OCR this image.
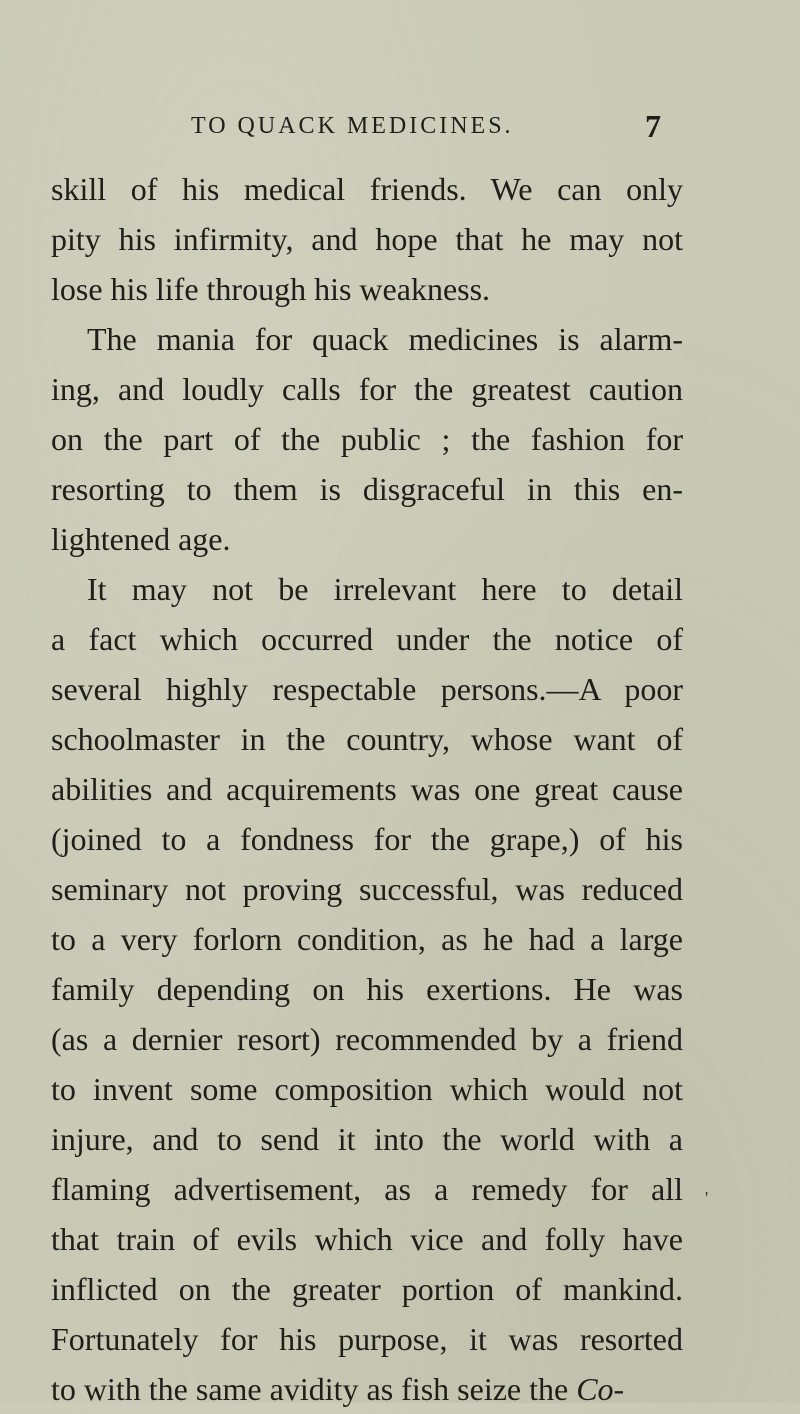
TO QUACK MEDICINES.	7
skill of his medical friends. We can only
pity his infirmity, and hope that he may not
lose his life through his weakness.
The mania for quack medicines is alarm-
ing, and loudly calls for the greatest caution
on the part of the public ; the fashion for
resorting to them is disgraceful in this en-
lightened age.
It may not be irrelevant here to detail
a fact which occurred under the notice of
several highly respectable persons.—A poor
schoolmaster in the country, whose want of
abilities and acquirements was one great cause
(joined to a fondness for the grape,) of his
seminary not proving successful, was reduced
to a very forlorn condition, as he had a large
family depending on his exertions. He was
(as a dernier resort) recommended by a friend
to invent some composition which would not
injure, and to send it into the world with a
flaming advertisement, as a remedy for all
that train of evils which vice and folly have
inflicted on the greater portion of mankind.
Fortunately for his purpose, it was resorted
to with the same avidity as fish seize the Co-
'
